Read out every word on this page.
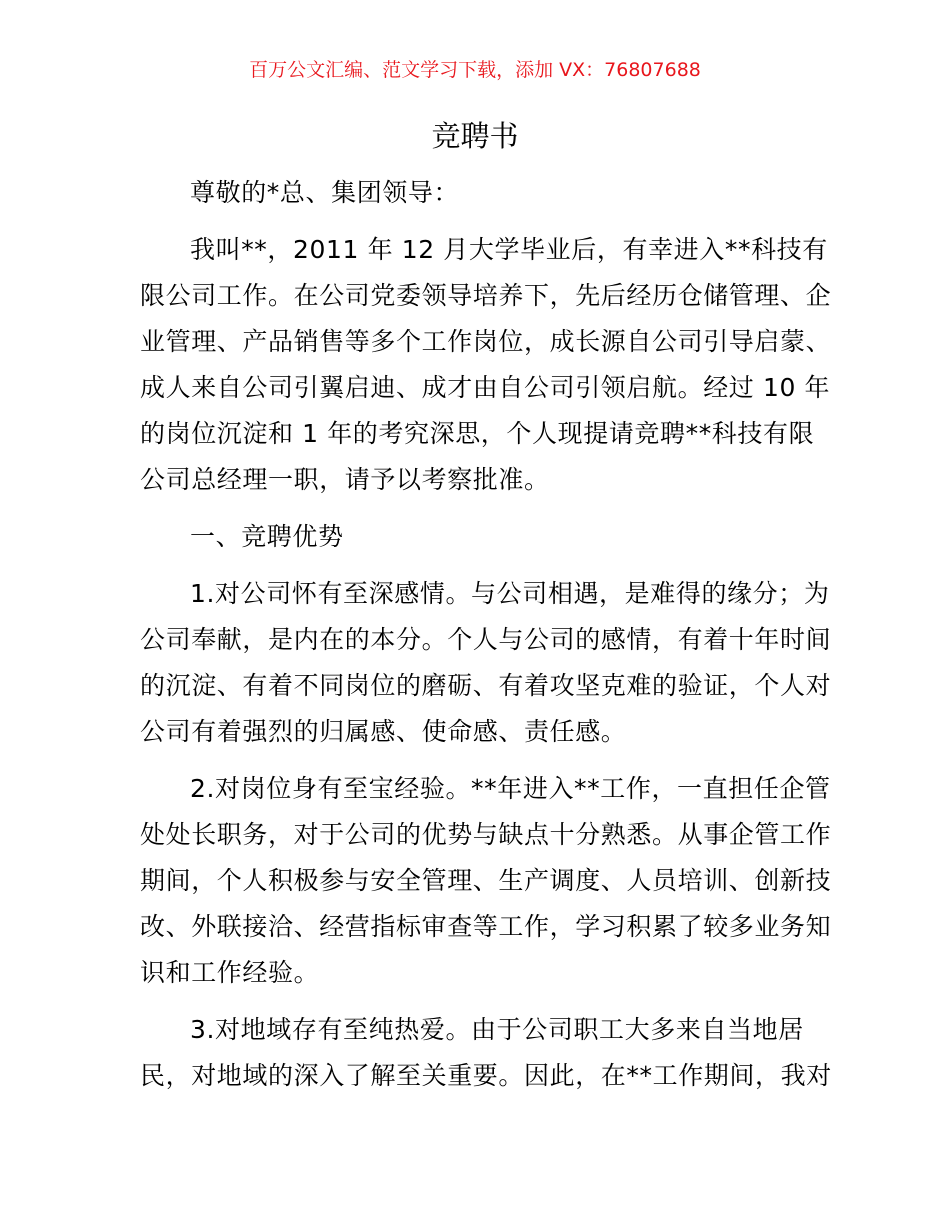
百万公文汇编、范文学习下载，添加 VX：76807688
竞聘书
尊敬的*总、集团领导：
我叫**，2011 年 12 月大学毕业后，有幸进入**科技有
限公司工作。在公司党委领导培养下，先后经历仓储管理、企
业管理、产品销售等多个工作岗位，成长源自公司引导启蒙、
成人来自公司引翼启迪、成才由自公司引领启航。经过 10 年
的岗位沉淀和 1 年的考究深思，个人现提请竞聘**科技有限
公司总经理一职，请予以考察批准。
一、竞聘优势
1.对公司怀有至深感情。与公司相遇，是难得的缘分；为
公司奉献，是内在的本分。个人与公司的感情，有着十年时间
的沉淀、有着不同岗位的磨砺、有着攻坚克难的验证，个人对
公司有着强烈的归属感、使命感、责任感。
2.对岗位身有至宝经验。**年进入**工作，一直担任企管
处处长职务，对于公司的优势与缺点十分熟悉。从事企管工作
期间，个人积极参与安全管理、生产调度、人员培训、创新技
改、外联接洽、经营指标审查等工作，学习积累了较多业务知
识和工作经验。
3.对地域存有至纯热爱。由于公司职工大多来自当地居
民，对地域的深入了解至关重要。因此，在**工作期间，我对
